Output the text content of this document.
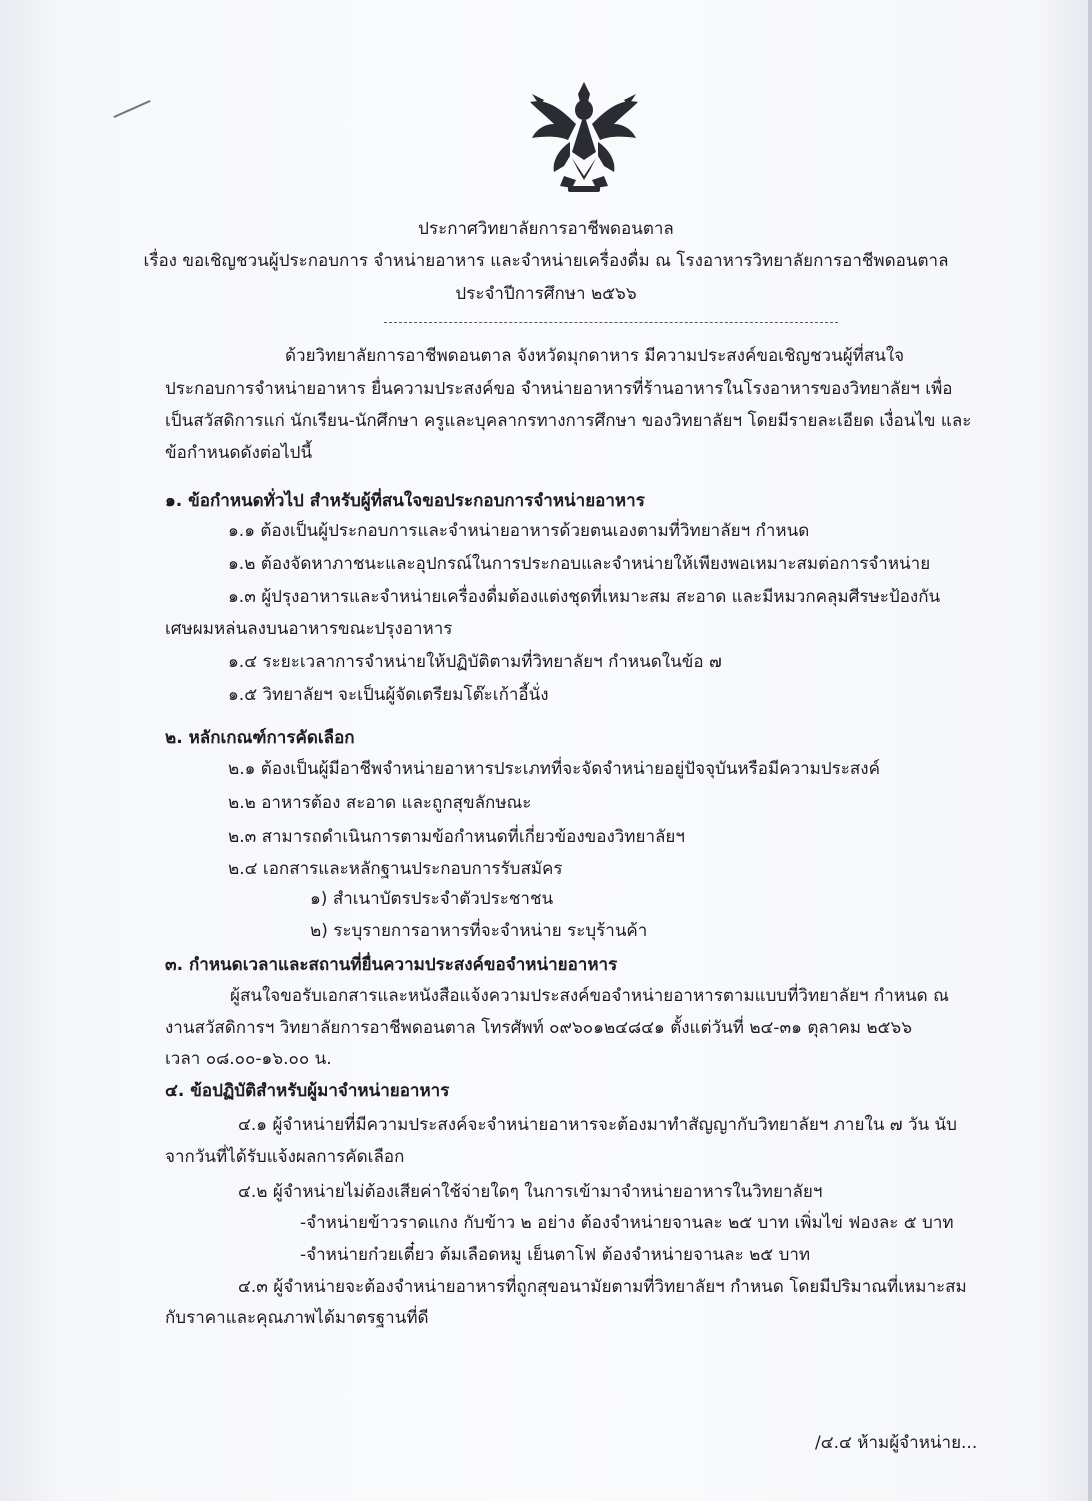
ประกาศวิทยาลัยการอาชีพดอนตาล
เรื่อง ขอเชิญชวนผู้ประกอบการ จำหน่ายอาหาร และจำหน่ายเครื่องดื่ม ณ โรงอาหารวิทยาลัยการอาชีพดอนตาล
ประจำปีการศึกษา ๒๕๖๖
ด้วยวิทยาลัยการอาชีพดอนตาล จังหวัดมุกดาหาร มีความประสงค์ขอเชิญชวนผู้ที่สนใจ
ประกอบการจำหน่ายอาหาร ยื่นความประสงค์ขอ จำหน่ายอาหารที่ร้านอาหารในโรงอาหารของวิทยาลัยฯ เพื่อ
เป็นสวัสดิการแก่ นักเรียน-นักศึกษา ครูและบุคลากรทางการศึกษา ของวิทยาลัยฯ โดยมีรายละเอียด เงื่อนไข และ
ข้อกำหนดดังต่อไปนี้
๑. ข้อกำหนดทั่วไป สำหรับผู้ที่สนใจขอประกอบการจำหน่ายอาหาร
๑.๑ ต้องเป็นผู้ประกอบการและจำหน่ายอาหารด้วยตนเองตามที่วิทยาลัยฯ กำหนด
๑.๒ ต้องจัดหาภาชนะและอุปกรณ์ในการประกอบและจำหน่ายให้เพียงพอเหมาะสมต่อการจำหน่าย
๑.๓ ผู้ปรุงอาหารและจำหน่ายเครื่องดื่มต้องแต่งชุดที่เหมาะสม สะอาด และมีหมวกคลุมศีรษะป้องกัน
เศษผมหล่นลงบนอาหารขณะปรุงอาหาร
๑.๔ ระยะเวลาการจำหน่ายให้ปฏิบัติตามที่วิทยาลัยฯ กำหนดในข้อ ๗
๑.๕ วิทยาลัยฯ จะเป็นผู้จัดเตรียมโต๊ะเก้าอี้นั่ง
๒. หลักเกณฑ์การคัดเลือก
๒.๑ ต้องเป็นผู้มีอาชีพจำหน่ายอาหารประเภทที่จะจัดจำหน่ายอยู่ปัจจุบันหรือมีความประสงค์
๒.๒ อาหารต้อง สะอาด และถูกสุขลักษณะ
๒.๓ สามารถดำเนินการตามข้อกำหนดที่เกี่ยวข้องของวิทยาลัยฯ
๒.๔ เอกสารและหลักฐานประกอบการรับสมัคร
๑) สำเนาบัตรประจำตัวประชาชน
๒) ระบุรายการอาหารที่จะจำหน่าย ระบุร้านค้า
๓. กำหนดเวลาและสถานที่ยื่นความประสงค์ขอจำหน่ายอาหาร
ผู้สนใจขอรับเอกสารและหนังสือแจ้งความประสงค์ขอจำหน่ายอาหารตามแบบที่วิทยาลัยฯ กำหนด ณ
งานสวัสดิการฯ วิทยาลัยการอาชีพดอนตาล โทรศัพท์ ๐๙๖๐๑๒๔๘๔๑ ตั้งแต่วันที่ ๒๔-๓๑ ตุลาคม ๒๕๖๖
เวลา ๐๘.๐๐-๑๖.๐๐ น.
๔. ข้อปฏิบัติสำหรับผู้มาจำหน่ายอาหาร
๔.๑ ผู้จำหน่ายที่มีความประสงค์จะจำหน่ายอาหารจะต้องมาทำสัญญากับวิทยาลัยฯ ภายใน ๗ วัน นับ
จากวันที่ได้รับแจ้งผลการคัดเลือก
๔.๒ ผู้จำหน่ายไม่ต้องเสียค่าใช้จ่ายใดๆ ในการเข้ามาจำหน่ายอาหารในวิทยาลัยฯ
-จำหน่ายข้าวราดแกง กับข้าว ๒ อย่าง ต้องจำหน่ายจานละ ๒๕ บาท เพิ่มไข่ ฟองละ ๕ บาท
-จำหน่ายก๋วยเตี๋ยว ต้มเลือดหมู เย็นตาโฟ ต้องจำหน่ายจานละ ๒๕ บาท
๔.๓ ผู้จำหน่ายจะต้องจำหน่ายอาหารที่ถูกสุขอนามัยตามที่วิทยาลัยฯ กำหนด โดยมีปริมาณที่เหมาะสม
กับราคาและคุณภาพได้มาตรฐานที่ดี
/๔.๔ ห้ามผู้จำหน่าย...
